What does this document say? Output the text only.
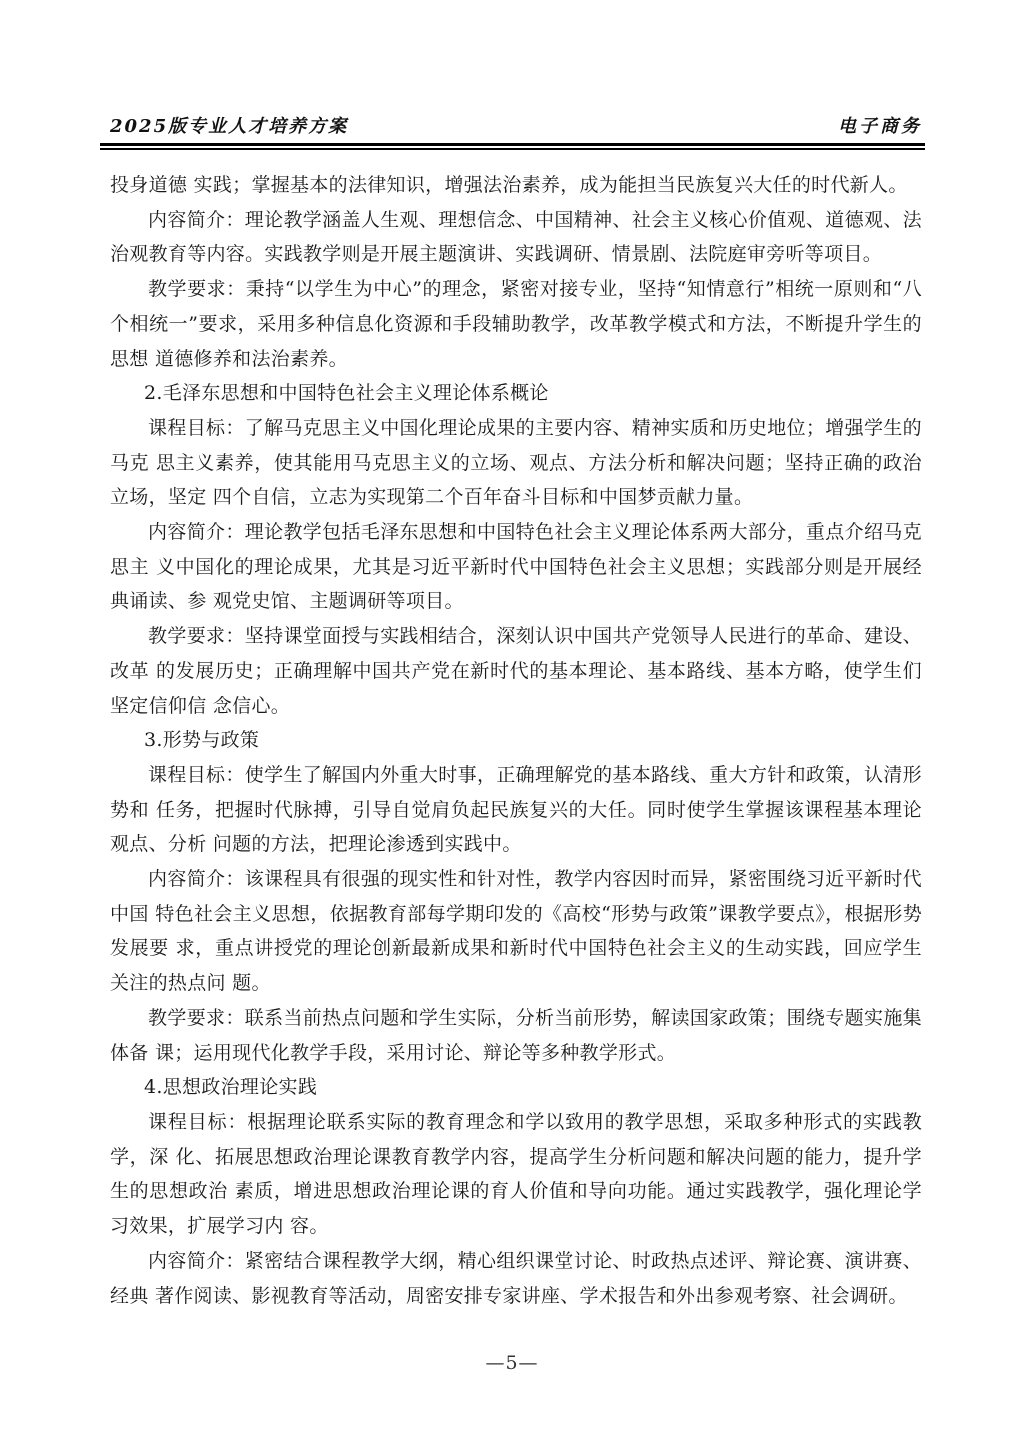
2025版专业人才培养方案	电子商务

投身道德 实践；掌握基本的法律知识，增强法治素养，成为能担当民族复兴大任的时代新人。

内容简介：理论教学涵盖人生观、理想信念、中国精神、社会主义核心价值观、道德观、法治观教育等内容。实践教学则是开展主题演讲、实践调研、情景剧、法院庭审旁听等项目。

教学要求：秉持“以学生为中心”的理念，紧密对接专业，坚持“知情意行”相统一原则和“八 个相统一”要求，采用多种信息化资源和手段辅助教学，改革教学模式和方法，不断提升学生的思想 道德修养和法治素养。

2.毛泽东思想和中国特色社会主义理论体系概论

课程目标：了解马克思主义中国化理论成果的主要内容、精神实质和历史地位；增强学生的马克 思主义素养，使其能用马克思主义的立场、观点、方法分析和解决问题；坚持正确的政治立场，坚定 四个自信，立志为实现第二个百年奋斗目标和中国梦贡献力量。

内容简介：理论教学包括毛泽东思想和中国特色社会主义理论体系两大部分，重点介绍马克思主 义中国化的理论成果，尤其是习近平新时代中国特色社会主义思想；实践部分则是开展经典诵读、参 观党史馆、主题调研等项目。

教学要求：坚持课堂面授与实践相结合，深刻认识中国共产党领导人民进行的革命、建设、改革 的发展历史；正确理解中国共产党在新时代的基本理论、基本路线、基本方略，使学生们坚定信仰信 念信心。

3.形势与政策

课程目标：使学生了解国内外重大时事，正确理解党的基本路线、重大方针和政策，认清形势和 任务，把握时代脉搏，引导自觉肩负起民族复兴的大任。同时使学生掌握该课程基本理论观点、分析 问题的方法，把理论渗透到实践中。

内容简介：该课程具有很强的现实性和针对性，教学内容因时而异，紧密围绕习近平新时代中国 特色社会主义思想，依据教育部每学期印发的《高校“形势与政策”课教学要点》，根据形势发展要 求，重点讲授党的理论创新最新成果和新时代中国特色社会主义的生动实践，回应学生关注的热点问 题。

教学要求：联系当前热点问题和学生实际，分析当前形势，解读国家政策；围绕专题实施集体备 课；运用现代化教学手段，采用讨论、辩论等多种教学形式。

4.思想政治理论实践

课程目标：根据理论联系实际的教育理念和学以致用的教学思想，采取多种形式的实践教学，深 化、拓展思想政治理论课教育教学内容，提高学生分析问题和解决问题的能力，提升学生的思想政治 素质，增进思想政治理论课的育人价值和导向功能。通过实践教学，强化理论学习效果，扩展学习内 容。

内容简介：紧密结合课程教学大纲，精心组织课堂讨论、时政热点述评、辩论赛、演讲赛、经典 著作阅读、影视教育等活动，周密安排专家讲座、学术报告和外出参观考察、社会调研。

—5—
